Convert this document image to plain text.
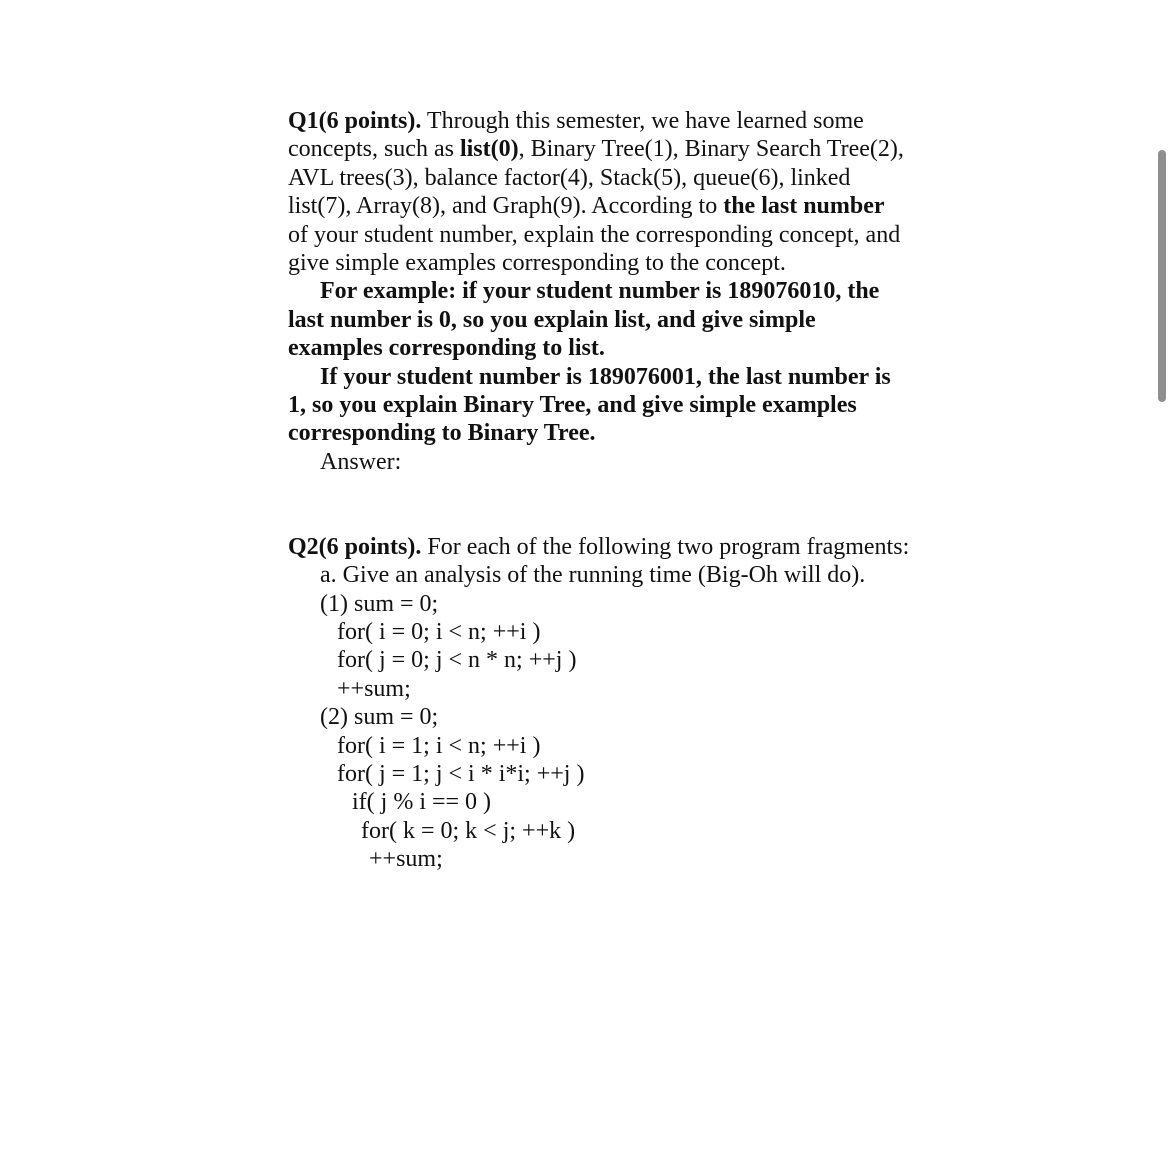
Q1(6 points). Through this semester, we have learned some
concepts, such as list(0), Binary Tree(1), Binary Search Tree(2),
AVL trees(3), balance factor(4), Stack(5), queue(6), linked
list(7), Array(8), and Graph(9). According to the last number
of your student number, explain the corresponding concept, and
give simple examples corresponding to the concept.
For example: if your student number is 189076010, the
last number is 0, so you explain list, and give simple
examples corresponding to list.
If your student number is 189076001, the last number is
1, so you explain Binary Tree, and give simple examples
corresponding to Binary Tree.
Answer:
Q2(6 points). For each of the following two program fragments:
a. Give an analysis of the running time (Big-Oh will do).
(1) sum = 0;
for( i = 0; i < n; ++i )
for( j = 0; j < n * n; ++j )
++sum;
(2) sum = 0;
for( i = 1; i < n; ++i )
for( j = 1; j < i * i*i; ++j )
if( j % i == 0 )
for( k = 0; k < j; ++k )
++sum;
